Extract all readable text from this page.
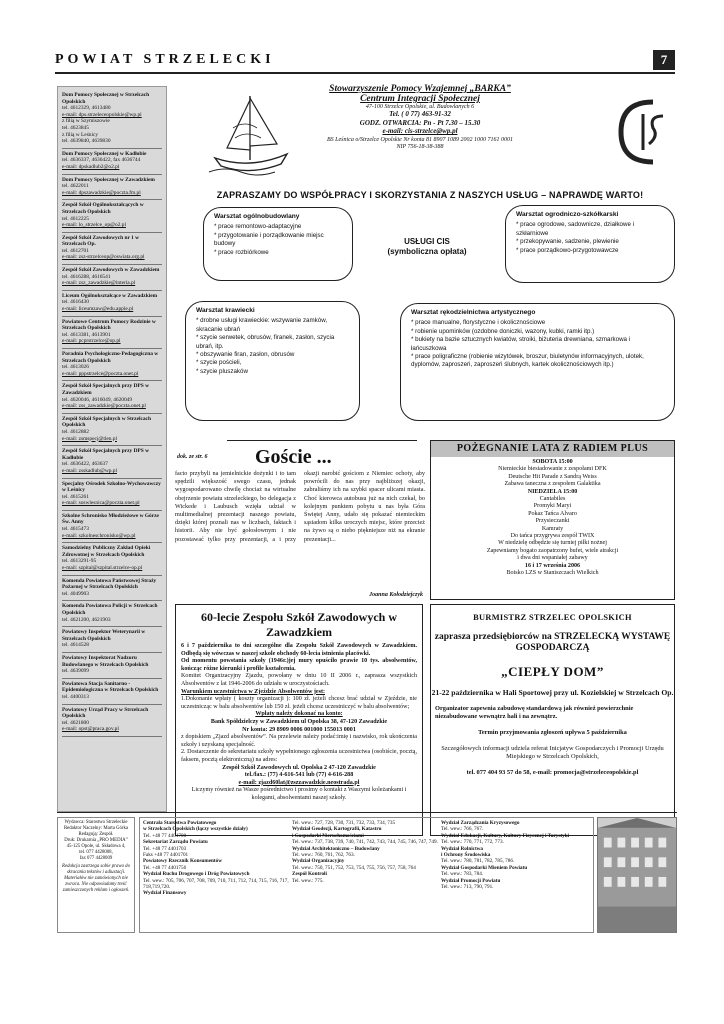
POWIAT STRZELECKI	7
Dom Pomocy Społecznej w Strzelcach Opolskich
tel. 4612329, 4613480
e-mail: dps.strzeleceopolskie@wp.pl
z filią w Szymiszowie
tel. 4623845
z filią w Leśnicy
tel. 4639840, 4639830
Dom Pomocy Społecznej w Kadłubie
tel. 4636337, 4636422, fax 4636744
e-mail: dpskadlub2@o2.pl
Dom Pomocy Społecznej w Zawadzkiem
tel. 4622011
e-mail: dpszawadzkie@poczta.fm.pl
Zespół Szkół Ogólnokształcących w Strzelcach Opolskich
tel. 4612225
e-mail: lo_strzelce_op@o2.pl
Zespół Szkół Zawodowych nr 1 w Strzelcach Op.
tel. 4612701
e-mail: zsz-strzelceop@oswiata.org.pl
Zespół Szkół Zawodowych w Zawadzkiem
tel. 4616288, 4616541
e-mail: zsz_zawadzkie@interia.pl
Liceum Ogólnokształcące w Zawadzkiem
tel. 4616430
e-mail: liceumzaw@edu.apple.pl
Powiatowe Centrum Pomocy Rodzinie w Strzelcach Opolskich
tel. 4613381, 4613901
e-mail: pcprstrzelce@op.pl
Poradnia Psychologiczno-Pedagogiczna w Strzelcach Opolskich
tel. 4613026
e-mail: pppstrzelce@poczta.onet.pl
Zespół Szkół Specjalnych przy DPS w Zawadzkiem
tel. 4620046, 4616049, 4620049
e-mail: zss_zawadzkie@poczta.onet.pl
Zespół Szkół Specjalnych w Strzelcach Opolskich
tel. 4612882
e-mail: zsmspecj@tlen.pl
Zespół Szkół Specjalnych przy DPS w Kadłubie
tel. 4636422, 463637
e-mail: zsskadlub@wp.pl
Specjalny Ośrodek Szkolno-Wychowawczy w Leśnicy
tel. 4615261
e-mail: soswlesnica@poczta.onet.pl
Szkolne Schronisko Młodzieżowe w Górze Św. Anny
tel. 4615473
e-mail: szkolneschronisko@wp.pl
Samodzielny Publiczny Zakład Opieki Zdrowotnej w Strzelcach Opolskich
tel. 4613291-95
e-mail: szpital@szpital.strzelce-op.pl
Komenda Powiatowa Państwowej Straży Pożarnej w Strzelcach Opolskich
tel. 4049903
Komenda Powiatowa Policji w Strzelcach Opolskich
tel. 4621200, 4621903
Powiatowy Inspektor Weterynarii w Strzelcach Opolskich
tel. 4614528
Powiatowy Inspektorat Nadzoru Budowlanego w Strzelcach Opolskich
tel. 4639099
Powiatowa Stacja Sanitarno - Epidemiologiczna w Strzelcach Opolskich
tel. 4400313
Powiatowy Urząd Pracy w Strzelcach Opolskich
tel. 4621800
e-mail: opst@praca.gov.pl
Stowarzyszenie Pomocy Wzajemnej „BARKA”
Centrum Integracji Społecznej
47-100 Strzelce Opolskie, ul. Budowlanych 6
Tel. ( 0 77) 463-91-32
GODZ. OTWARCIA: Pn - Pt 7.30 – 15.30
e-mail: cis-strzelce@wp.pl
BS Leśnica o/Strzelce Opolskie Nr konta 81 8907 1089 2002 1000 7161 0001
NIP 756-18-38-388
ZAPRASZAMY DO WSPÓŁPRACY I SKORZYSTANIA Z NASZYCH USŁUG – NAPRAWDĘ WARTO!
Warsztat ogólnobudowlany
* prace remontowo-adaptacyjne
* przygotowanie i porządkowanie miejsc budowy
* prace rozbiórkowe
Warsztat ogrodniczo-szkółkarski
* prace ogrodowe, sadownicze, działkowe i szkłarniowe
* przekopywanie, sadzenie, plewienie
* prace porządkowo-przygotowawcze
USŁUGI CIS
(symboliczna opłata)
Warsztat krawiecki
* drobne usługi krawieckie: wszywanie zamków, skracanie ubrań
* szycie serwetek, obrusów, firanek, zasłon, szycia ubrań, itp.
* obszywanie firan, zasłon, obrusów
* szycie pościeli,
* szycie pluszaków
Warsztat rękodzielnictwa artystycznego
* prace manualne, florystyczne i okolicznościowe
* robienie upominków (ozdobne doniczki, wazony, kubki, ramki itp.)
* bukiety na bazie sztucznych kwiatów, stroiki, biżuteria drewniana, szmarkowa i łańcuszkowa
* prace poligraficzne (robienie wizytówek, broszur, biuletynów informacyjnych, ulotek, dyplomów, zaproszeń, zaproszeń ślubnych, kartek okolicznościowych itp.)
dok. ze str. 6 Goście ...
facto przybyli na jemielnickie dożynki i to tam spędzili większość swego czasu, jednak wygospodarowano chwilę chociaż na wirtualne obejrzenie powiatu strzeleckiego, bo delegacja z Wickede i Laubusch wzięła udział w multimedialnej prezentacji naszego powiatu, dzięki której poznali nas w liczbach, faktach i historii. Aby nie być gołosłownym i nie pozostawać tylko przy prezentacji, a i przy okazji narobić gościom z Niemiec ochoty, aby powrócili do nas przy najbliższej okazji, zabraliśmy ich na szybki spacer ulicami miasta. Choć kierowca autobusu już na nich czekał, bo kolejnym punktem pobytu u nas była Góra Świętej Anny, udało się pokazać niemieckim sąsiadom kilka uroczych miejsc, które przecież na żywo są o niebo piękniejsze niż na ekranie prezentacji...
Joanna Kołodziejczyk
POŻEGNANIE LATA Z RADIEM PLUS
SOBOTA 15:00
Niemieckie biesiadowanie z zespołami DFK
Deutsche Hit Parade z Sandrą Weiss
Zabawa taneczna z zespołem Galaktika
NIEDZIELA 15:00
Cantabiles
Promyki Maryi
Pokaz Tańca Alvaro
Przysieczanki
Kamraty
Do tańca przygrywa zespół TWIX
W niedzielę odbędzie się turniej piłki nożnej
Zapewniamy bogato zaopatrzony bufet, wiele atrakcji
i dwa dni wspaniałej zabawy
16 i 17 września 2006
Boisko LZS w Staniszczach Wielkich
60-lecie Zespołu Szkół Zawodowych w Zawadzkiem

6 i 7 października to dni szczególne dla Zespołu Szkół Zawodowych w Zawadzkiem. Odbędą się wówczas w naszej szkole obchody 60-lecia istnienia placówki.

Od momentu powstania szkoły (1946r.)jej mury opuściło prawie 10 tys. absolwentów, kończąc różne kierunki i profile kształcenia.

Komitet Organizacyjny Zjazdu, powołany w dniu 10 II 2006 r., zaprasza wszystkich Absolwentów z lat 1946-2006 do udziału w uroczystościach.

Warunkiem uczestnictwa w Zjeździe Absolwentów jest:

1.Dokonanie wpłaty ( koszty organizacji ): 100 zł. jeżeli chcesz brać udział w Zjeździe, nie uczestnicząc w balu absolwentów lub 150 zł. jeżeli chcesz uczestniczyć w balu absolwentów;

Wpłaty należy dokonać na konto:

Bank Spółdzielczy w Zawadzkiem ul Opolska 38, 47-120 Zawadzkie

Nr konta: 29 8909 0006 001000 155013 0001

z dopiskiem „Zjazd absolwentów”. Na przelewie należy podać:imię i nazwisko, rok ukończenia szkoły i uzyskaną specjalność.

2. Dostarczenie do sekretariatu szkoły wypełnionego zgłoszenia uczestnictwa (osobiście, pocztą, faksem, pocztą elektroniczną) na adres:

Zespół Szkół Zawodowych ul. Opolska 2 47-120 Zawadzkie

tel./fax.: (77) 4-616-541 lub (77) 4-616-288

e-mail: zjazd60lat@zszzawadzkie.neostrada.pl

Liczymy również na Wasze pośrednictwo i prosimy o kontakt z Waszymi koleżankami i kolegami, absolwentami naszej szkoły.

BURMISTRZ STRZELEC OPOLSKICH
zaprasza przedsiębiorców na STRZELECKĄ WYSTAWĘ GOSPODARCZĄ
„CIEPŁY DOM”
21-22 października w Hali Sportowej przy ul. Kozielskiej w Strzelcach Op.
Organizator zapewnia zabudowę standardową jak również powierzchnie niezabudowane wewnątrz hali i na zewnątrz.
Termin przyjmowania zgłoszeń upływa 5 października
Szczegółowych informacji udziela referat Inicjatyw Gospodarczych i Promocji Urzędu Miejskiego w Strzelcach Opolskich,
tel. 077 404 93 57 do 58, e-mail: promocja@strzeleceopolskie.pl
Wydawca: Starostwo Strzeleckie
Redaktor Naczelny: Marta Górka
Redagują: Zespół.
Druk: Drukarnia „PRO MEDIA”
45-125 Opole, ul. Składowa 4,
tel. 077 4428008,
fax 077 4428009
Redakcja zastrzega sobie prawo do skracania tekstów i adiustacji. Materiałów nie zamówionych nie zwraca. Nie odpowiadamy treść zamieszczonych reklam i ogłoszeń.
Centrala Starostwa Powiatowego
w Strzelcach Opolskich (łączy wszystkie działy)
Tel. +48 77 4401700
Sekretariat Zarządu Powiatu
Tel. +48 77 4401703
Faks +48 77 4401701
Powiatowy Rzecznik Konsumentów
Tel. +48 77 4401756
Wydział Ruchu Drogowego i Dróg Powiatowych
Tel. wew.: 705, 706, 707, 708, 709, 710, 711, 712, 714, 715, 716, 717, 718,719,720.
Wydział Finansowy
Tel. wew.: 727, 728, 730, 731, 732, 733, 734, 735
Wydział Geodezji, Kartografii, Katastru
i Gospodarki Nieruchomościami
Tel. wew.: 737, 738, 739, 740, 741, 742, 743, 744, 745, 746, 747, 749.
Wydział Architektoniczno – Budowlany
Tel. wew.: 760, 761, 762, 763.
Wydział Organizacyjny
Tel. wew.: 750, 751, 752, 753, 754, 755, 756, 757, 758, 764
Zespół Kontroli
Tel. wew.: 775.
Wydział Zarządzania Kryzysowego
Tel. wew.: 766, 767.
Wydział Edukacji, Kultury, Kultury Fizycznej i Turystyki
Tel. wew.: 770, 771, 772, 773.
Wydział Rolnictwa
i Ochrony Środowiska
Tel. wew.: 780, 781, 782, 785, 786.
Wydział Gospodarki Mieniem Powiatu
Tel. wew.: 783, 784.
Wydział Promocji Powiatu
Tel. wew.: 713, 790, 791.
